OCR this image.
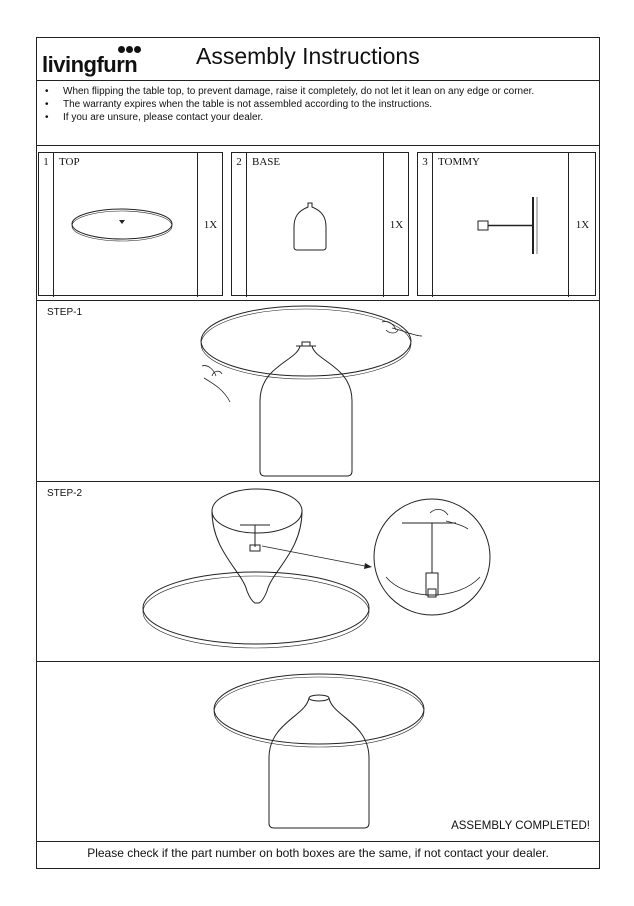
livingfurn	Assembly Instructions
• When flipping the table top, to prevent damage, raise it completely, do not let it lean on any edge or corner.
• The warranty expires when the table is not assembled according to the instructions.
• If you are unsure, please contact your dealer.
1 TOP
1X
2 BASE
1X
3 TOMMY
1X
STEP-1
STEP-2
ASSEMBLY COMPLETED!
Please check if the part number on both boxes are the same, if not contact your dealer.
